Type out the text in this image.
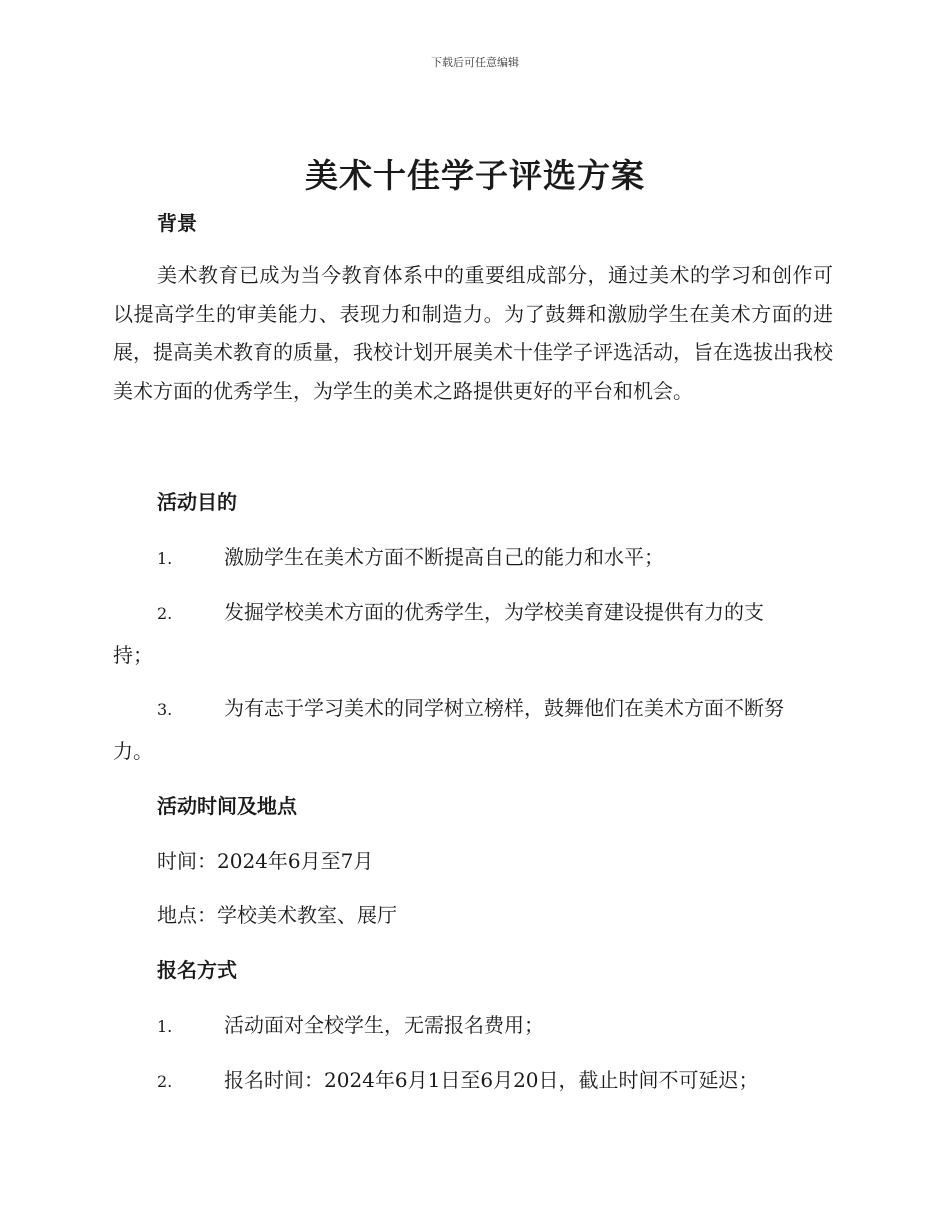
下载后可任意编辑
美术十佳学子评选方案
背景

美术教育已成为当今教育体系中的重要组成部分，通过美术的学习和创作可以提高学生的审美能力、表现力和制造力。为了鼓舞和激励学生在美术方面的进展，提高美术教育的质量，我校计划开展美术十佳学子评选活动，旨在选拔出我校美术方面的优秀学生，为学生的美术之路提供更好的平台和机会。

活动目的

1.	激励学生在美术方面不断提高自己的能力和水平；

2.	发掘学校美术方面的优秀学生，为学校美育建设提供有力的支

持；

3.	为有志于学习美术的同学树立榜样，鼓舞他们在美术方面不断努

力。

活动时间及地点

时间：2024年6月至7月

地点：学校美术教室、展厅

报名方式

1.	活动面对全校学生，无需报名费用；

2.	报名时间：2024年6月1日至6月20日，截止时间不可延迟；
